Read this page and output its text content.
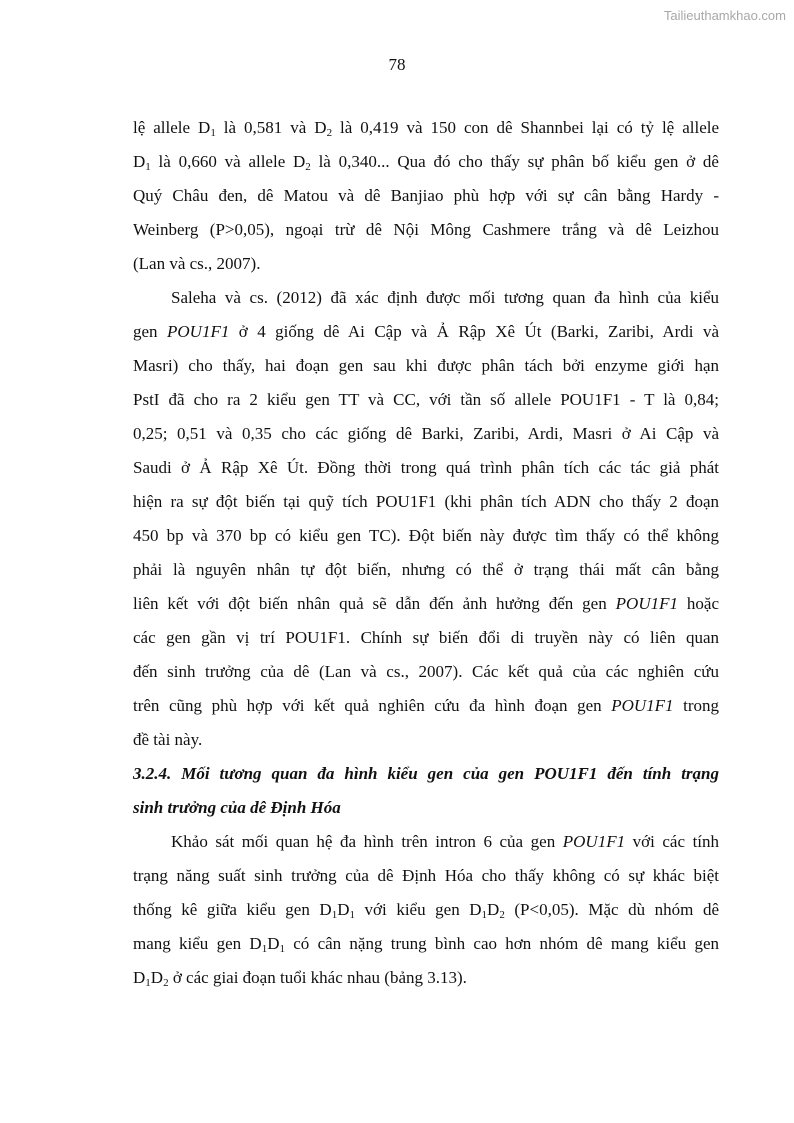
Tailieuthamkhao.com
78
lệ allele $D_1$ là 0,581 và $D_2$ là 0,419 và 150 con dê Shannbei lại có tỷ lệ allele
$D_1$ là 0,660 và allele $D_2$ là 0,340... Qua đó cho thấy sự phân bố kiểu gen ở dê
Quý Châu đen, dê Matou và dê Banjiao phù hợp với sự cân bằng Hardy -
Weinberg (P>0,05), ngoại trừ dê Nội Mông Cashmere trắng và dê Leizhou
(Lan và cs., 2007).
Saleha và cs. (2012) đã xác định được mối tương quan đa hình của kiểu
gen POU1F1 ở 4 giống dê Ai Cập và Ả Rập Xê Út (Barki, Zaribi, Ardi và
Masri) cho thấy, hai đoạn gen sau khi được phân tách bởi enzyme giới hạn
PstI đã cho ra 2 kiểu gen TT và CC, với tần số allele POU1F1 - T là 0,84;
0,25; 0,51 và 0,35 cho các giống dê Barki, Zaribi, Ardi, Masri ở Ai Cập và
Saudi ở Ả Rập Xê Út. Đồng thời trong quá trình phân tích các tác giả phát
hiện ra sự đột biến tại quỹ tích POU1F1 (khi phân tích ADN cho thấy 2 đoạn
450 bp và 370 bp có kiểu gen TC). Đột biến này được tìm thấy có thể không
phải là nguyên nhân tự đột biến, nhưng có thể ở trạng thái mất cân bằng
liên kết với đột biến nhân quả sẽ dẫn đến ảnh hưởng đến gen POU1F1 hoặc
các gen gần vị trí POU1F1. Chính sự biến đổi di truyền này có liên quan
đến sinh trưởng của dê (Lan và cs., 2007). Các kết quả của các nghiên cứu
trên cũng phù hợp với kết quả nghiên cứu đa hình đoạn gen POU1F1 trong
đề tài này.
3.2.4. Mối tương quan đa hình kiểu gen của gen POU1F1 đến tính trạng
sinh trưởng của dê Định Hóa
Khảo sát mối quan hệ đa hình trên intron 6 của gen POU1F1 với các tính
trạng năng suất sinh trưởng của dê Định Hóa cho thấy không có sự khác biệt
thống kê giữa kiểu gen $D_1D_1$ với kiểu gen $D_1D_2$ (P<0,05). Mặc dù nhóm dê
mang kiểu gen $D_1D_1$ có cân nặng trung bình cao hơn nhóm dê mang kiểu gen
$D_1D_2$ ở các giai đoạn tuổi khác nhau (bảng 3.13).
